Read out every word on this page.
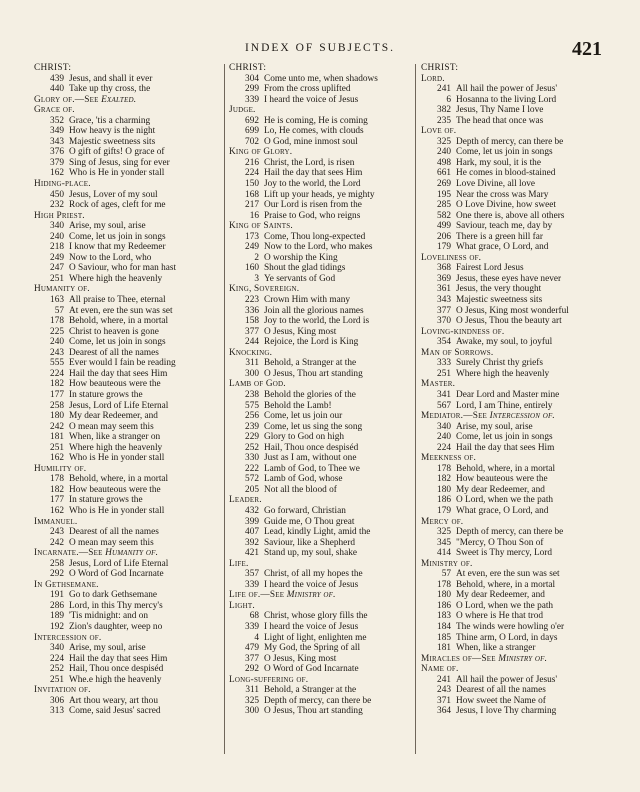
INDEX OF SUBJECTS.	421
CHRIST:
439 Jesus, and shall it ever
440 Take up thy cross, the
Glory of.—See Exalted.
Grace of.
352 Grace, 'tis a charming
349 How heavy is the night
343 Majestic sweetness sits
376 O gift of gifts! O grace of
379 Sing of Jesus, sing for ever
162 Who is He in yonder stall
Hiding-place.
450 Jesus, Lover of my soul
232 Rock of ages, cleft for me
High Priest.
340 Arise, my soul, arise
240 Come, let us join in songs
218 I know that my Redeemer
249 Now to the Lord, who
247 O Saviour, who for man hast
251 Where high the heavenly
Humanity of.
163 All praise to Thee, eternal
57 At even, ere the sun was set
178 Behold, where, in a mortal
225 Christ to heaven is gone
240 Come, let us join in songs
243 Dearest of all the names
555 Ever would I fain be reading
224 Hail the day that sees Him
182 How beauteous were the
177 In stature grows the
258 Jesus, Lord of Life Eternal
180 My dear Redeemer, and
242 O mean may seem this
181 When, like a stranger on
251 Where high the heavenly
162 Who is He in yonder stall
Humility of.
178 Behold, where, in a mortal
182 How beauteous were the
177 In stature grows the
162 Who is He in yonder stall
Immanuel.
243 Dearest of all the names
242 O mean may seem this
Incarnate.—See Humanity of.
258 Jesus, Lord of Life Eternal
292 O Word of God Incarnate
In Gethsemane.
191 Go to dark Gethsemane
286 Lord, in this Thy mercy's
189 'Tis midnight: and on
192 Zion's daughter, weep no
Intercession of.
340 Arise, my soul, arise
224 Hail the day that sees Him
252 Hail, Thou once despiséd
251 Whe.e high the heavenly
Invitation of.
306 Art thou weary, art thou
313 Come, said Jesus' sacred
CHRIST:
304 Come unto me, when shadows
299 From the cross uplifted
339 I heard the voice of Jesus
Judge.
692 He is coming, He is coming
699 Lo, He comes, with clouds
702 O God, mine inmost soul
King of Glory.
216 Christ, the Lord, is risen
224 Hail the day that sees Him
150 Joy to the world, the Lord
168 Lift up your heads, ye mighty
217 Our Lord is risen from the
16 Praise to God, who reigns
King of Saints.
173 Come, Thou long-expected
249 Now to the Lord, who makes
2 O worship the King
160 Shout the glad tidings
3 Ye servants of God
King, Sovereign.
223 Crown Him with many
336 Join all the glorious names
158 Joy to the world, the Lord is
377 O Jesus, King most
244 Rejoice, the Lord is King
Knocking.
311 Behold, a Stranger at the
300 O Jesus, Thou art standing
Lamb of God.
238 Behold the glories of the
575 Behold the Lamb!
256 Come, let us join our
239 Come, let us sing the song
229 Glory to God on high
252 Hail, Thou once despiséd
330 Just as I am, without one
222 Lamb of God, to Thee we
572 Lamb of God, whose
205 Not all the blood of
Leader.
432 Go forward, Christian
399 Guide me, O Thou great
407 Lead, kindly Light, amid the
392 Saviour, like a Shepherd
421 Stand up, my soul, shake
Life.
357 Christ, of all my hopes the
339 I heard the voice of Jesus
Life of.—See Ministry of.
Light.
68 Christ, whose glory fills the
339 I heard the voice of Jesus
4 Light of light, enlighten me
479 My God, the Spring of all
377 O Jesus, King most
292 O Word of God Incarnate
Long-suffering of.
311 Behold, a Stranger at the
325 Depth of mercy, can there be
300 O Jesus, Thou art standing
CHRIST:
Lord.
241 All hail the power of Jesus'
6 Hosanna to the living Lord
382 Jesus, Thy Name I love
235 The head that once was
Love of.
325 Depth of mercy, can there be
240 Come, let us join in songs
498 Hark, my soul, it is the
661 He comes in blood-stained
269 Love Divine, all love
195 Near the cross was Mary
285 O Love Divine, how sweet
582 One there is, above all others
499 Saviour, teach me, day by
206 There is a green hill far
179 What grace, O Lord, and
Loveliness of.
368 Fairest Lord Jesus
369 Jesus, these eyes have never
361 Jesus, the very thought
343 Majestic sweetness sits
377 O Jesus, King most wonderful
370 O Jesus, Thou the beauty art
Loving-kindness of.
354 Awake, my soul, to joyful
Man of Sorrows.
333 Surely Christ thy griefs
251 Where high the heavenly
Master.
341 Dear Lord and Master mine
567 Lord, I am Thine, entirely
Mediator.—See Intercession of.
340 Arise, my soul, arise
240 Come, let us join in songs
224 Hail the day that sees Him
Meekness of.
178 Behold, where, in a mortal
182 How beauteous were the
180 My dear Redeemer, and
186 O Lord, when we the path
179 What grace, O Lord, and
Mercy of.
325 Depth of mercy, can there be
345 "Mercy, O Thou Son of
414 Sweet is Thy mercy, Lord
Ministry of.
57 At even, ere the sun was set
178 Behold, where, in a mortal
180 My dear Redeemer, and
186 O Lord, when we the path
183 O where is He that trod
184 The winds were howling o'er
185 Thine arm, O Lord, in days
181 When, like a stranger
Miracles of—See Ministry of.
Name of.
241 All hail the power of Jesus'
243 Dearest of all the names
371 How sweet the Name of
364 Jesus, I love Thy charming
